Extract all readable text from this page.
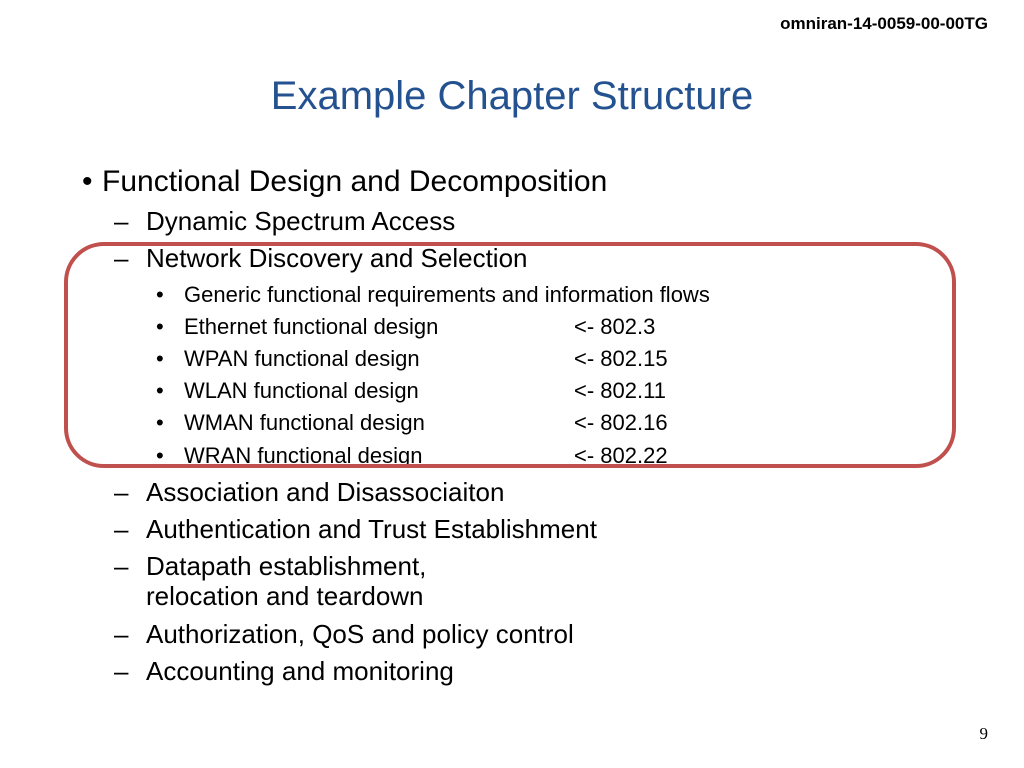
omniran-14-0059-00-00TG
Example Chapter Structure
• Functional Design and Decomposition
– Dynamic Spectrum Access
– Network Discovery and Selection
• Generic functional requirements and information flows
• Ethernet functional design	<- 802.3
• WPAN functional design	<- 802.15
• WLAN functional design	<- 802.11
• WMAN functional design	<- 802.16
• WRAN functional design	<- 802.22
– Association and Disassociaiton
– Authentication and Trust Establishment
– Datapath establishment,
relocation and teardown
– Authorization, QoS and policy control
– Accounting and monitoring
9
